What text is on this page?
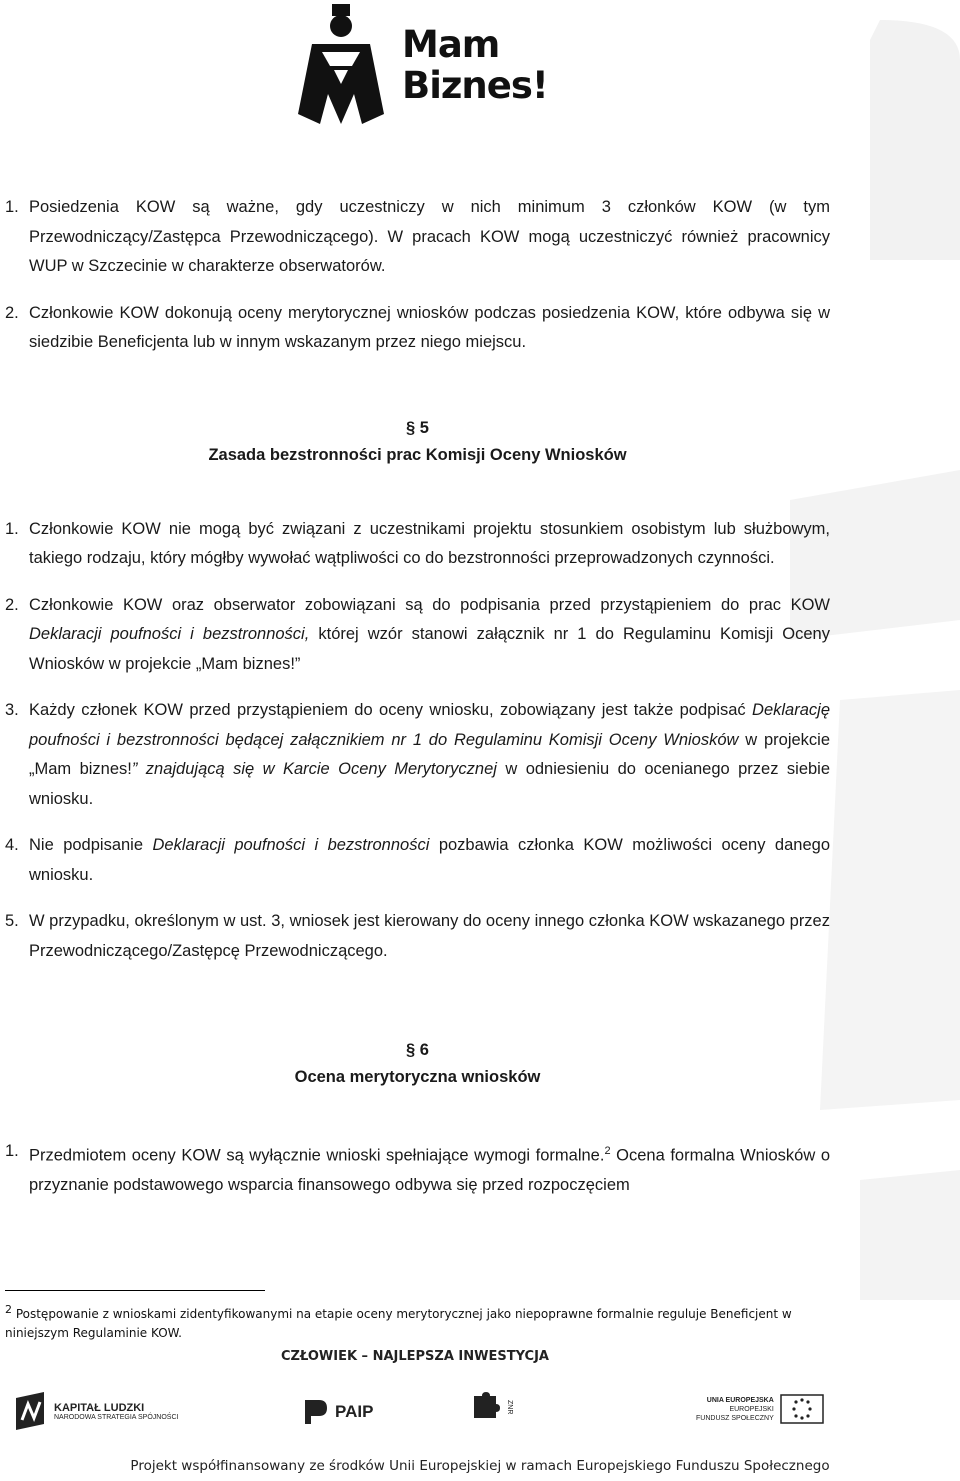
Mam
Biznes!
1. Posiedzenia KOW są ważne, gdy uczestniczy w nich minimum 3 członków KOW (w tym Przewodniczący/Zastępca Przewodniczącego). W pracach KOW mogą uczestniczyć również pracownicy WUP w Szczecinie w charakterze obserwatorów.
2. Członkowie KOW dokonują oceny merytorycznej wniosków podczas posiedzenia KOW, które odbywa się w siedzibie Beneficjenta lub w innym wskazanym przez niego miejscu.
§ 5
Zasada bezstronności prac Komisji Oceny Wniosków
1. Członkowie KOW nie mogą być związani z uczestnikami projektu stosunkiem osobistym lub służbowym, takiego rodzaju, który mógłby wywołać wątpliwości co do bezstronności przeprowadzonych czynności.
2. Członkowie KOW oraz obserwator zobowiązani są do podpisania przed przystąpieniem do prac KOW Deklaracji poufności i bezstronności, której wzór stanowi załącznik nr 1 do Regulaminu Komisji Oceny Wniosków w projekcie „Mam biznes!”
3. Każdy członek KOW przed przystąpieniem do oceny wniosku, zobowiązany jest także podpisać Deklarację poufności i bezstronności będącej załącznikiem nr 1 do Regulaminu Komisji Oceny Wniosków w projekcie „Mam biznes!” znajdującą się w Karcie Oceny Merytorycznej w odniesieniu do ocenianego przez siebie wniosku.
4. Nie podpisanie Deklaracji poufności i bezstronności pozbawia członka KOW możliwości oceny danego wniosku.
5. W przypadku, określonym w ust. 3, wniosek jest kierowany do oceny innego członka KOW wskazanego przez Przewodniczącego/Zastępcę Przewodniczącego.
§ 6
Ocena merytoryczna wniosków
1. Przedmiotem oceny KOW są wyłącznie wnioski spełniające wymogi formalne.$^2$ Ocena formalna Wniosków o przyznanie podstawowego wsparcia finansowego odbywa się przed rozpoczęciem
$^2$ Postępowanie z wnioskami zidentyfikowanymi na etapie oceny merytorycznej jako niepoprawne formalnie reguluje Beneficjent w niniejszym Regulaminie KOW.
CZŁOWIEK – NAJLEPSZA INWESTYCJA
KAPITAŁ LUDZKI
NARODOWA STRATEGIA SPÓJNOŚCI	PAIP	ZNR	UNIA EUROPEJSKA
EUROPEJSKI
FUNDUSZ SPOŁECZNY
Projekt współfinansowany ze środków Unii Europejskiej w ramach Europejskiego Funduszu Społecznego
